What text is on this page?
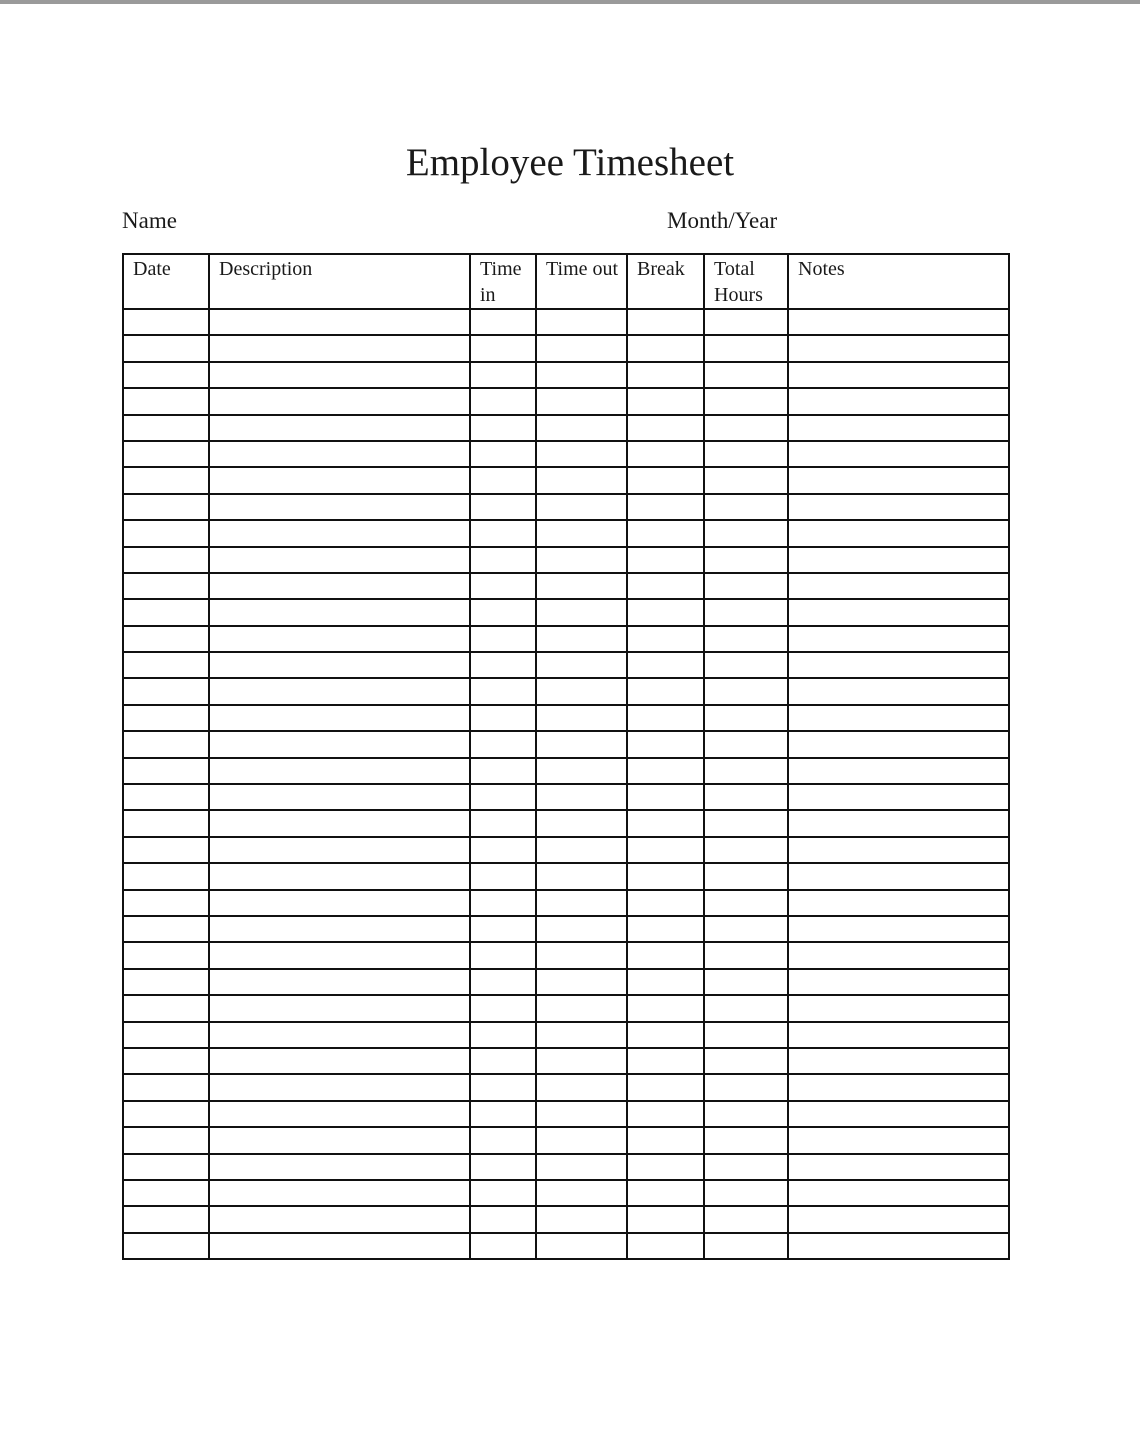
Employee Timesheet
Name	Month/Year
Date	Description	Time in	Time out	Break	Total Hours	Notes
